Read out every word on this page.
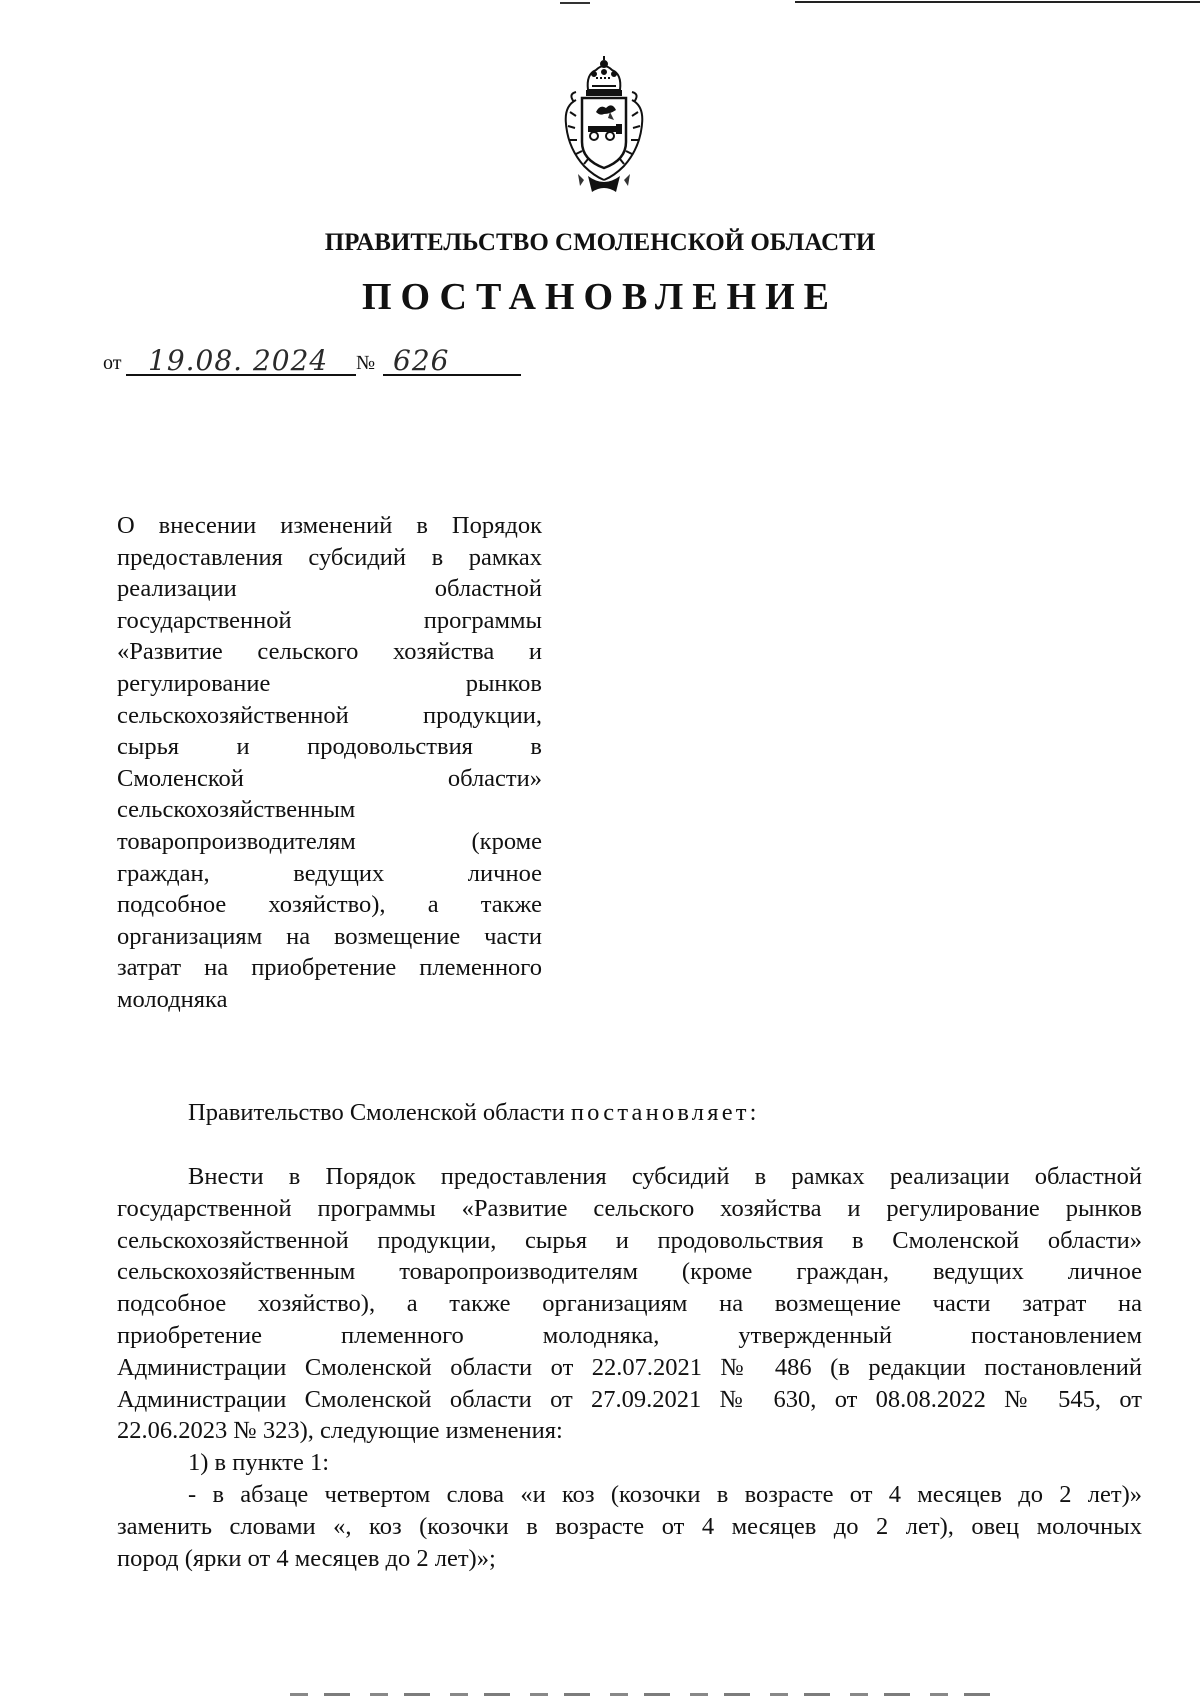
ПРАВИТЕЛЬСТВО СМОЛЕНСКОЙ ОБЛАСТИ
ПОСТАНОВЛЕНИЕ
от 19.08. 2024 № 626
О внесении изменений в Порядок
предоставления субсидий в рамках
реализации областной
государственной программы
«Развитие сельского хозяйства и
регулирование рынков
сельскохозяйственной продукции,
сырья и продовольствия в
Смоленской области»
сельскохозяйственным
товаропроизводителям (кроме
граждан, ведущих личное
подсобное хозяйство), а также
организациям на возмещение части
затрат на приобретение племенного
молодняка
Правительство Смоленской области постановляет:
Внести в Порядок предоставления субсидий в рамках реализации областной
государственной программы «Развитие сельского хозяйства и регулирование рынков
сельскохозяйственной продукции, сырья и продовольствия в Смоленской области»
сельскохозяйственным товаропроизводителям (кроме граждан, ведущих личное
подсобное хозяйство), а также организациям на возмещение части затрат на
приобретение племенного молодняка, утвержденный постановлением
Администрации Смоленской области от 22.07.2021 № 486 (в редакции постановлений
Администрации Смоленской области от 27.09.2021 № 630, от 08.08.2022 № 545, от
22.06.2023 № 323), следующие изменения:
1) в пункте 1:
- в абзаце четвертом слова «и коз (козочки в возрасте от 4 месяцев до 2 лет)»
заменить словами «, коз (козочки в возрасте от 4 месяцев до 2 лет), овец молочных
пород (ярки от 4 месяцев до 2 лет)»;
